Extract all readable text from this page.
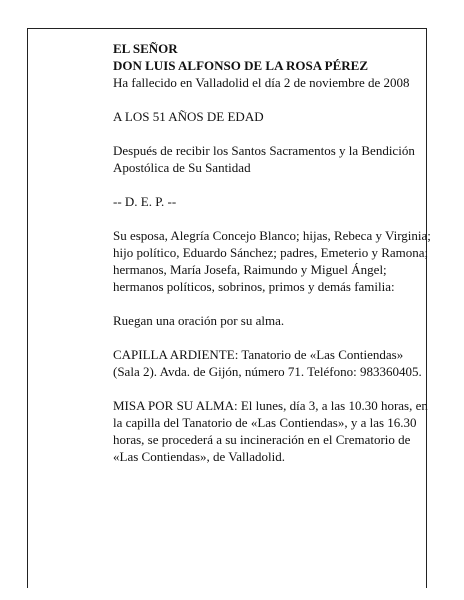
EL SEÑOR
DON LUIS ALFONSO DE LA ROSA PÉREZ
Ha fallecido en Valladolid el día 2 de noviembre de 2008

A LOS 51 AÑOS DE EDAD

Después de recibir los Santos Sacramentos y la Bendición Apostólica de Su Santidad

-- D. E. P. --

Su esposa, Alegría Concejo Blanco; hijas, Rebeca y Virginia; hijo político, Eduardo Sánchez; padres, Emeterio y Ramona; hermanos, María Josefa, Raimundo y Miguel Ángel; hermanos políticos, sobrinos, primos y demás familia:

Ruegan una oración por su alma.

CAPILLA ARDIENTE: Tanatorio de «Las Contiendas» (Sala 2). Avda. de Gijón, número 71. Teléfono: 983360405.

MISA POR SU ALMA: El lunes, día 3, a las 10.30 horas, en la capilla del Tanatorio de «Las Contiendas», y a las 16.30 horas, se procederá a su incineración en el Crematorio de «Las Contiendas», de Valladolid.
